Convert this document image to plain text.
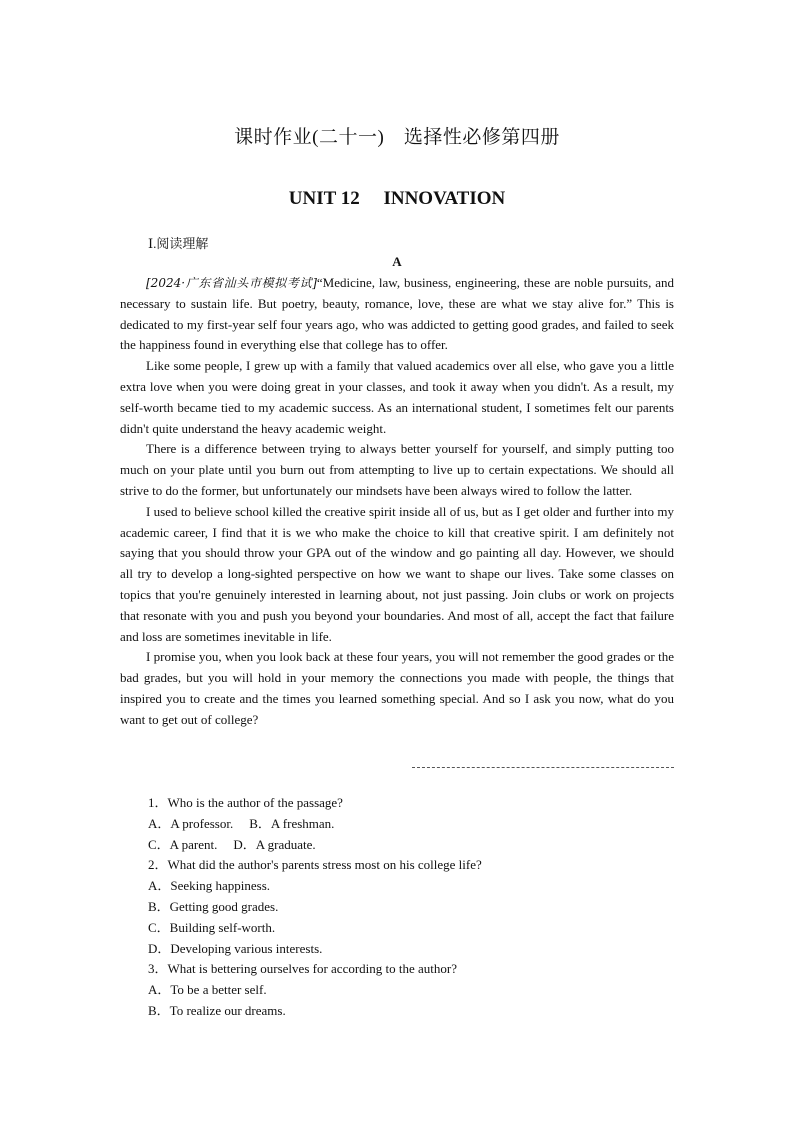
课时作业(二十一)　选择性必修第四册
UNIT 12　 INNOVATION
Ⅰ.阅读理解
A

[2024·广东省汕头市模拟考试]“Medicine, law, business, engineering, these are noble pursuits, and necessary to sustain life. But poetry, beauty, romance, love, these are what we stay alive for.” This is dedicated to my first-year self four years ago, who was addicted to getting good grades, and failed to seek the happiness found in everything else that college has to offer.

Like some people, I grew up with a family that valued academics over all else, who gave you a little extra love when you were doing great in your classes, and took it away when you didn't. As a result, my self-worth became tied to my academic success. As an international student, I sometimes felt our parents didn't quite understand the heavy academic weight.

There is a difference between trying to always better yourself for yourself, and simply putting too much on your plate until you burn out from attempting to live up to certain expectations. We should all strive to do the former, but unfortunately our mindsets have been always wired to follow the latter.

I used to believe school killed the creative spirit inside all of us, but as I get older and further into my academic career, I find that it is we who make the choice to kill that creative spirit. I am definitely not saying that you should throw your GPA out of the window and go painting all day. However, we should all try to develop a long-sighted perspective on how we want to shape our lives. Take some classes on topics that you're genuinely interested in learning about, not just passing. Join clubs or work on projects that resonate with you and push you beyond your boundaries. And most of all, accept the fact that failure and loss are sometimes inevitable in life.

I promise you, when you look back at these four years, you will not remember the good grades or the bad grades, but you will hold in your memory the connections you made with people, the things that inspired you to create and the times you learned something special. And so I ask you now, what do you want to get out of college?

1．Who is the author of the passage?
A．A professor. B．A freshman.
C．A parent. D．A graduate.
2．What did the author's parents stress most on his college life?
A．Seeking happiness.
B．Getting good grades.
C．Building self-worth.
D．Developing various interests.
3．What is bettering ourselves for according to the author?
A．To be a better self.
B．To realize our dreams.
